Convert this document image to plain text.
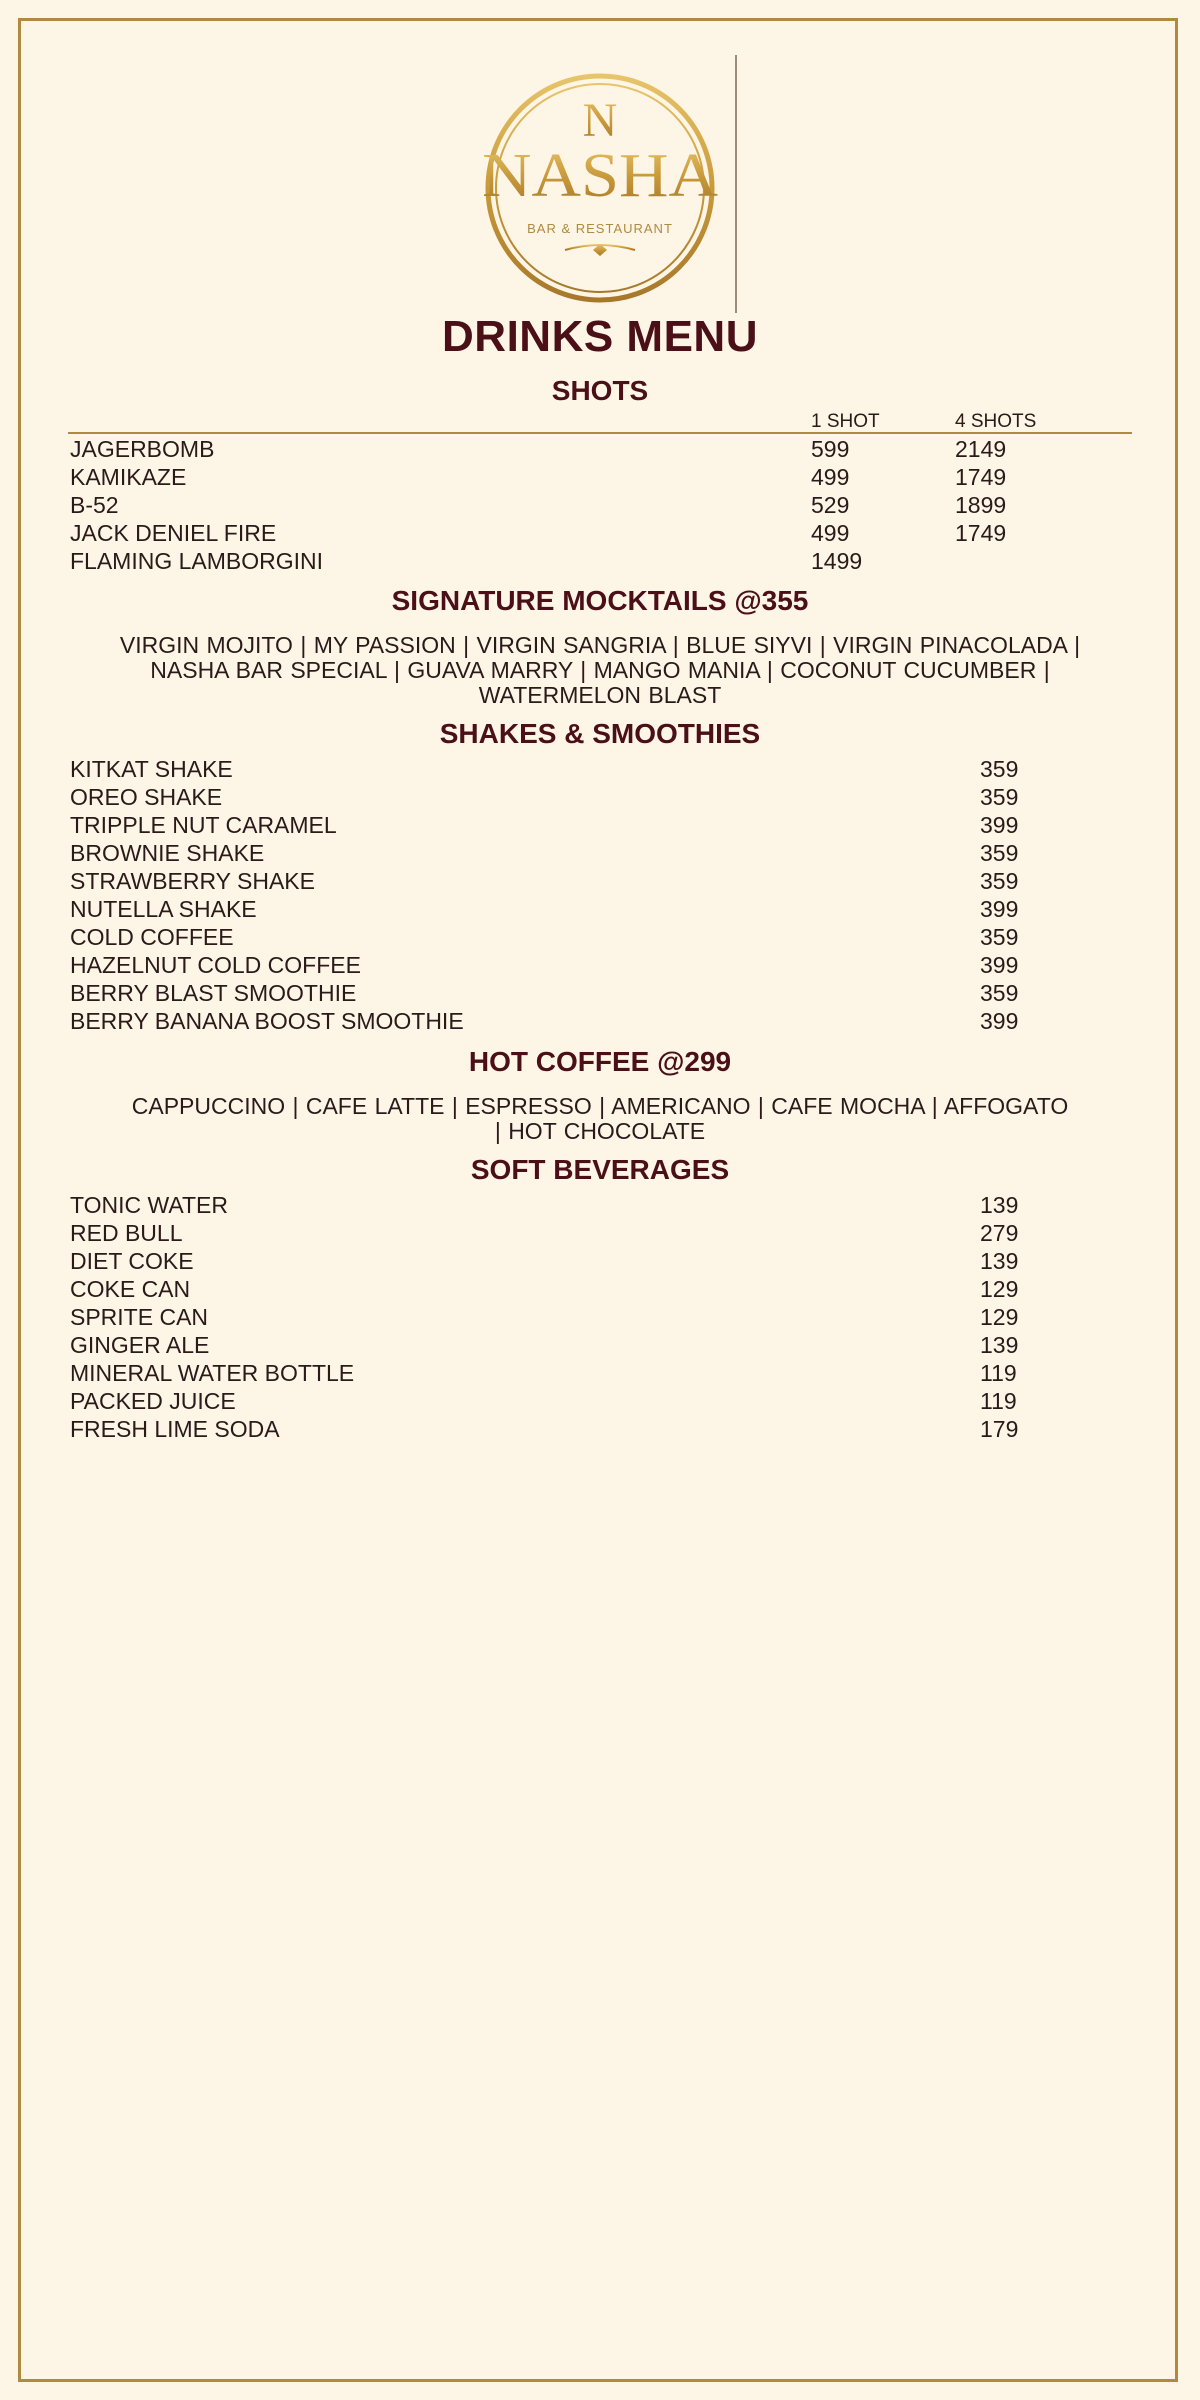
N
NASHA
BAR & RESTAURANT
DRINKS MENU
SHOTS
1 SHOT	4 SHOTS
JAGERBOMB	599	2149
KAMIKAZE	499	1749
B-52	529	1899
JACK DENIEL FIRE	499	1749
FLAMING LAMBORGINI	1499
SIGNATURE MOCKTAILS @355
VIRGIN MOJITO | MY PASSION | VIRGIN SANGRIA | BLUE SIYVI | VIRGIN PINACOLADA |
NASHA BAR SPECIAL | GUAVA MARRY | MANGO MANIA | COCONUT CUCUMBER |
WATERMELON BLAST
SHAKES & SMOOTHIES
KITKAT SHAKE	359
OREO SHAKE	359
TRIPPLE NUT CARAMEL	399
BROWNIE SHAKE	359
STRAWBERRY SHAKE	359
NUTELLA SHAKE	399
COLD COFFEE	359
HAZELNUT COLD COFFEE	399
BERRY BLAST SMOOTHIE	359
BERRY BANANA BOOST SMOOTHIE	399
HOT COFFEE @299
CAPPUCCINO | CAFE LATTE | ESPRESSO | AMERICANO | CAFE MOCHA | AFFOGATO
| HOT CHOCOLATE
SOFT BEVERAGES
TONIC WATER	139
RED BULL	279
DIET COKE	139
COKE CAN	129
SPRITE CAN	129
GINGER ALE	139
MINERAL WATER BOTTLE	119
PACKED JUICE	119
FRESH LIME SODA	179
